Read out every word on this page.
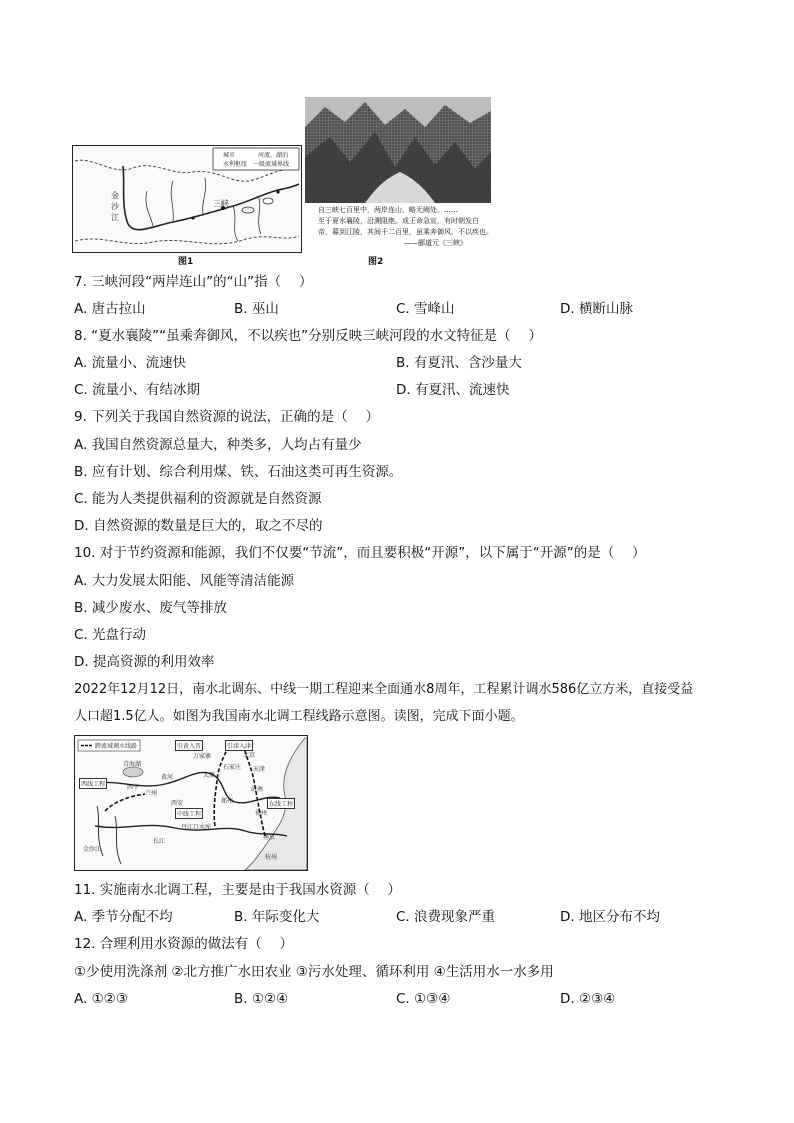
城市	河流、湖泊
水利枢纽 一级流域界线
金
沙
江
三峡
图1
自三峡七百里中，两岸连山，略无阙处。……
至于夏水襄陵，沿溯阻绝。或王命急宣，有时朝发白
帝，暮到江陵，其间千二百里，虽乘奔御风，不以疾也。
——郦道元《三峡》
图2
7. 三峡河段“两岸连山”的“山”指（　 ）
A. 唐古拉山	B. 巫山	C. 雪峰山	D. 横断山脉
8. “夏水襄陵”“虽乘奔御风，不以疾也”分别反映三峡河段的水文特征是（　 ）
A. 流量小、流速快	B. 有夏汛、含沙量大
C. 流量小、有结冰期	D. 有夏汛、流速快
9. 下列关于我国自然资源的说法，正确的是（　 ）
A. 我国自然资源总量大，种类多，人均占有量少
B. 应有计划、综合利用煤、铁、石油这类可再生资源。
C. 能为人类提供福利的资源就是自然资源
D. 自然资源的数量是巨大的，取之不尽的
10. 对于节约资源和能源，我们不仅要“节流”，而且要积极“开源”，以下属于“开源”的是（　 ）
A. 大力发展太阳能、风能等清洁能源
B. 减少废水、废气等排放
C. 光盘行动
D. 提高资源的利用效率
2022年12月12日，南水北调东、中线一期工程迎来全面通水8周年，工程累计调水586亿立方米，直接受益
人口超1.5亿人。如图为我国南水北调工程线路示意图。读图，完成下面小题。
跨流域调水线路
西线工程
引黄入晋	引滦入津
中线工程
东线工程
青海湖
兰州
西宁
万家寨
太原
石家庄
北京
天津
济南
西安	郑州
徐州
南京
杭州
丹江口水库
长江
黄河
金沙江
11. 实施南水北调工程，主要是由于我国水资源（　 ）
A. 季节分配不均	B. 年际变化大	C. 浪费现象严重	D. 地区分布不均
12. 合理利用水资源的做法有（　 ）
①少使用洗涤剂 ②北方推广水田农业 ③污水处理、循环利用 ④生活用水一水多用
A. ①②③	B. ①②④	C. ①③④	D. ②③④
